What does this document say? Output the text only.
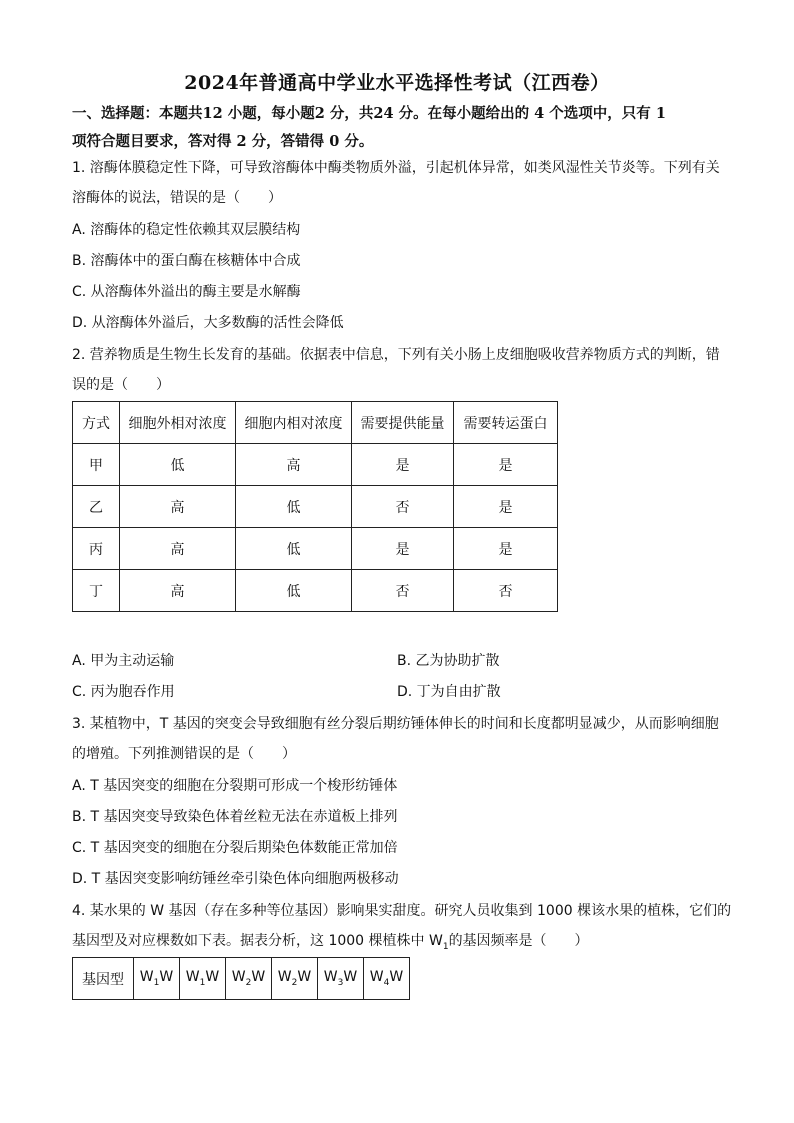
2024年普通高中学业水平选择性考试（江西卷）
一、选择题：本题共12 小题，每小题2 分，共24 分。在每小题给出的 4 个选项中，只有 1
项符合题目要求，答对得 2 分，答错得 0 分。
1. 溶酶体膜稳定性下降，可导致溶酶体中酶类物质外溢，引起机体异常，如类风湿性关节炎等。下列有关
溶酶体的说法，错误的是（　　）
A. 溶酶体的稳定性依赖其双层膜结构
B. 溶酶体中的蛋白酶在核糖体中合成
C. 从溶酶体外溢出的酶主要是水解酶
D. 从溶酶体外溢后，大多数酶的活性会降低
2. 营养物质是生物生长发育的基础。依据表中信息，下列有关小肠上皮细胞吸收营养物质方式的判断，错
误的是（　　）
方式	细胞外相对浓度	细胞内相对浓度	需要提供能量	需要转运蛋白
甲	低	高	是	是
乙	高	低	否	是
丙	高	低	是	是
丁	高	低	否	否
A. 甲为主动运输	B. 乙为协助扩散
C. 丙为胞吞作用	D. 丁为自由扩散
3. 某植物中，T 基因的突变会导致细胞有丝分裂后期纺锤体伸长的时间和长度都明显减少，从而影响细胞
的增殖。下列推测错误的是（　　）
A. T 基因突变的细胞在分裂期可形成一个梭形纺锤体
B. T 基因突变导致染色体着丝粒无法在赤道板上排列
C. T 基因突变的细胞在分裂后期染色体数能正常加倍
D. T 基因突变影响纺锤丝牵引染色体向细胞两极移动
4. 某水果的 W 基因（存在多种等位基因）影响果实甜度。研究人员收集到 1000 棵该水果的植株，它们的
基因型及对应棵数如下表。据表分析，这 1000 棵植株中 $W_1$的基因频率是（　　）
基因型	$W_1W$	$W_1W$	$W_2W$	$W_2W$	$W_3W$	$W_4W$
